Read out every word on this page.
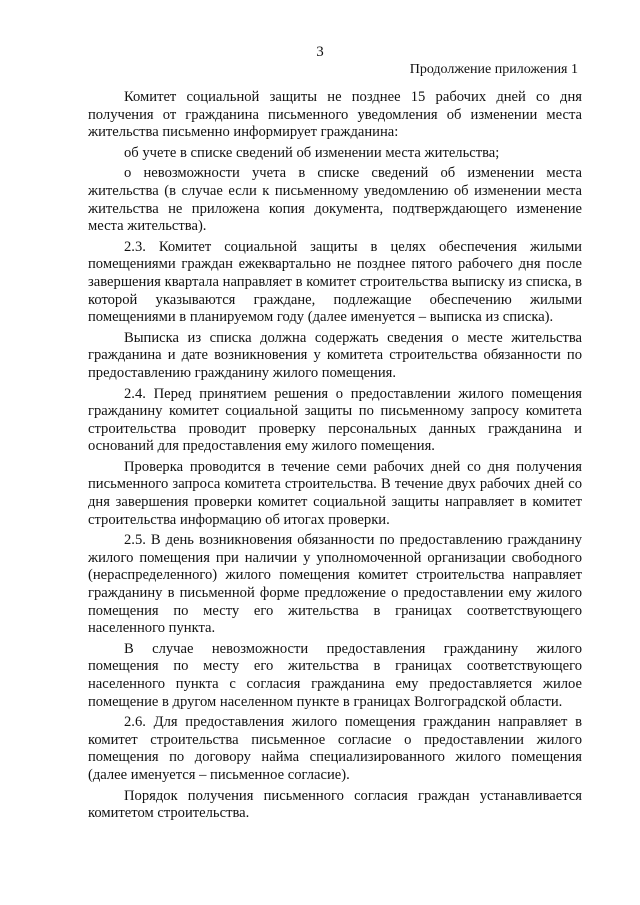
3
Продолжение приложения 1

Комитет социальной защиты не позднее 15 рабочих дней со дня получения от гражданина письменного уведомления об изменении места жительства письменно информирует гражданина:

об учете в списке сведений об изменении места жительства;

о невозможности учета в списке сведений об изменении места жительства (в случае если к письменному уведомлению об изменении места жительства не приложена копия документа, подтверждающего изменение места жительства).

2.3. Комитет социальной защиты в целях обеспечения жилыми помещениями граждан ежеквартально не позднее пятого рабочего дня после завершения квартала направляет в комитет строительства выписку из списка, в которой указываются граждане, подлежащие обеспечению жилыми помещениями в планируемом году (далее именуется – выписка из списка).

Выписка из списка должна содержать сведения о месте жительства гражданина и дате возникновения у комитета строительства обязанности по предоставлению гражданину жилого помещения.

2.4. Перед принятием решения о предоставлении жилого помещения гражданину комитет социальной защиты по письменному запросу комитета строительства проводит проверку персональных данных гражданина и оснований для предоставления ему жилого помещения.

Проверка проводится в течение семи рабочих дней со дня получения письменного запроса комитета строительства. В течение двух рабочих дней со дня завершения проверки комитет социальной защиты направляет в комитет строительства информацию об итогах проверки.

2.5. В день возникновения обязанности по предоставлению гражданину жилого помещения при наличии у уполномоченной организации свободного (нераспределенного) жилого помещения комитет строительства направляет гражданину в письменной форме предложение о предоставлении ему жилого помещения по месту его жительства в границах соответствующего населенного пункта.

В случае невозможности предоставления гражданину жилого помещения по месту его жительства в границах соответствующего населенного пункта с согласия гражданина ему предоставляется жилое помещение в другом населенном пункте в границах Волгоградской области.

2.6. Для предоставления жилого помещения гражданин направляет в комитет строительства письменное согласие о предоставлении жилого помещения по договору найма специализированного жилого помещения (далее именуется – письменное согласие).

Порядок получения письменного согласия граждан устанавливается комитетом строительства.
